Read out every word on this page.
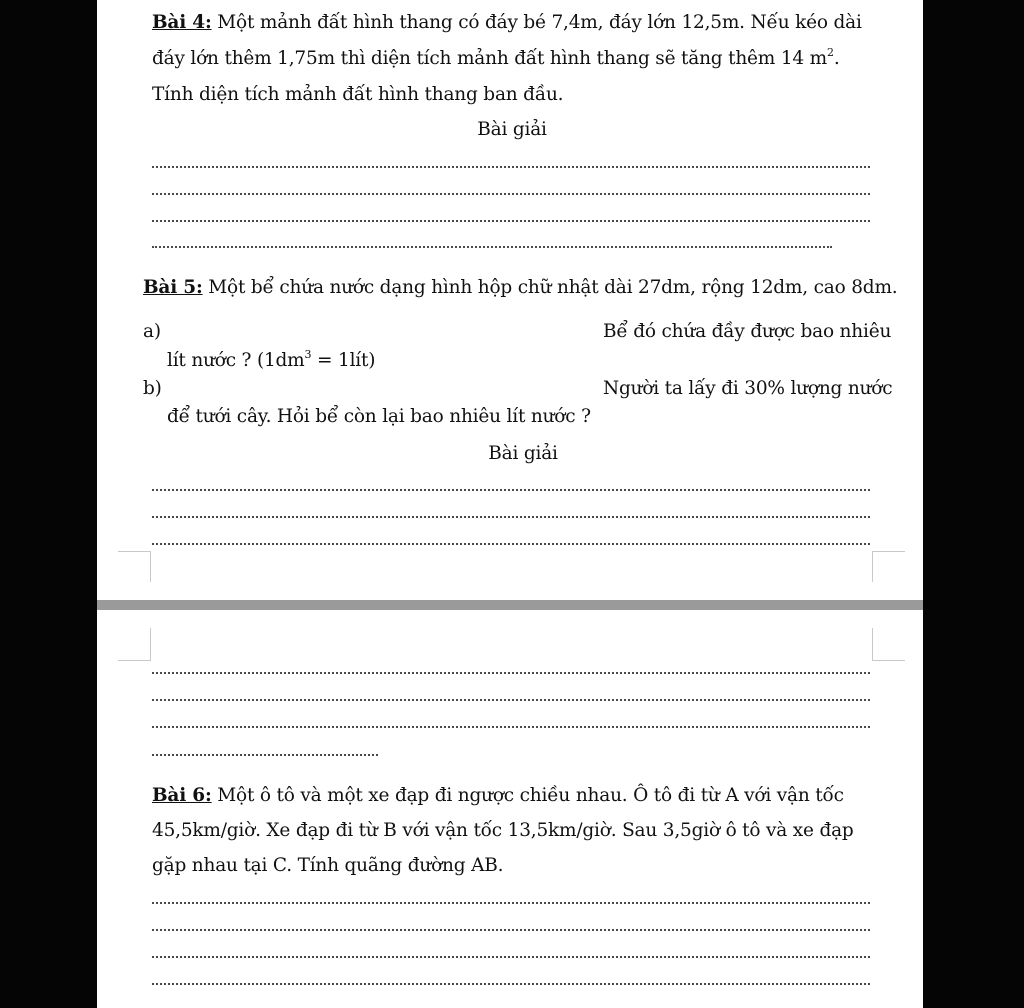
Bài 4: Một mảnh đất hình thang có đáy bé 7,4m, đáy lớn 12,5m. Nếu kéo dài
đáy lớn thêm 1,75m thì diện tích mảnh đất hình thang sẽ tăng thêm 14 $m^2$.
Tính diện tích mảnh đất hình thang ban đầu.
Bài giải
Bài 5: Một bể chứa nước dạng hình hộp chữ nhật dài 27dm, rộng 12dm, cao 8dm.
a)	Bể đó chứa đầy được bao nhiêu
lít nước ? ($1dm^3$ = 1lít)
b)	Người ta lấy đi 30% lượng nước
để tưới cây. Hỏi bể còn lại bao nhiêu lít nước ?
Bài giải
Bài 6: Một ô tô và một xe đạp đi ngược chiều nhau. Ô tô đi từ A với vận tốc
45,5km/giờ. Xe đạp đi từ B với vận tốc 13,5km/giờ. Sau 3,5giờ ô tô và xe đạp
gặp nhau tại C. Tính quãng đường AB.
